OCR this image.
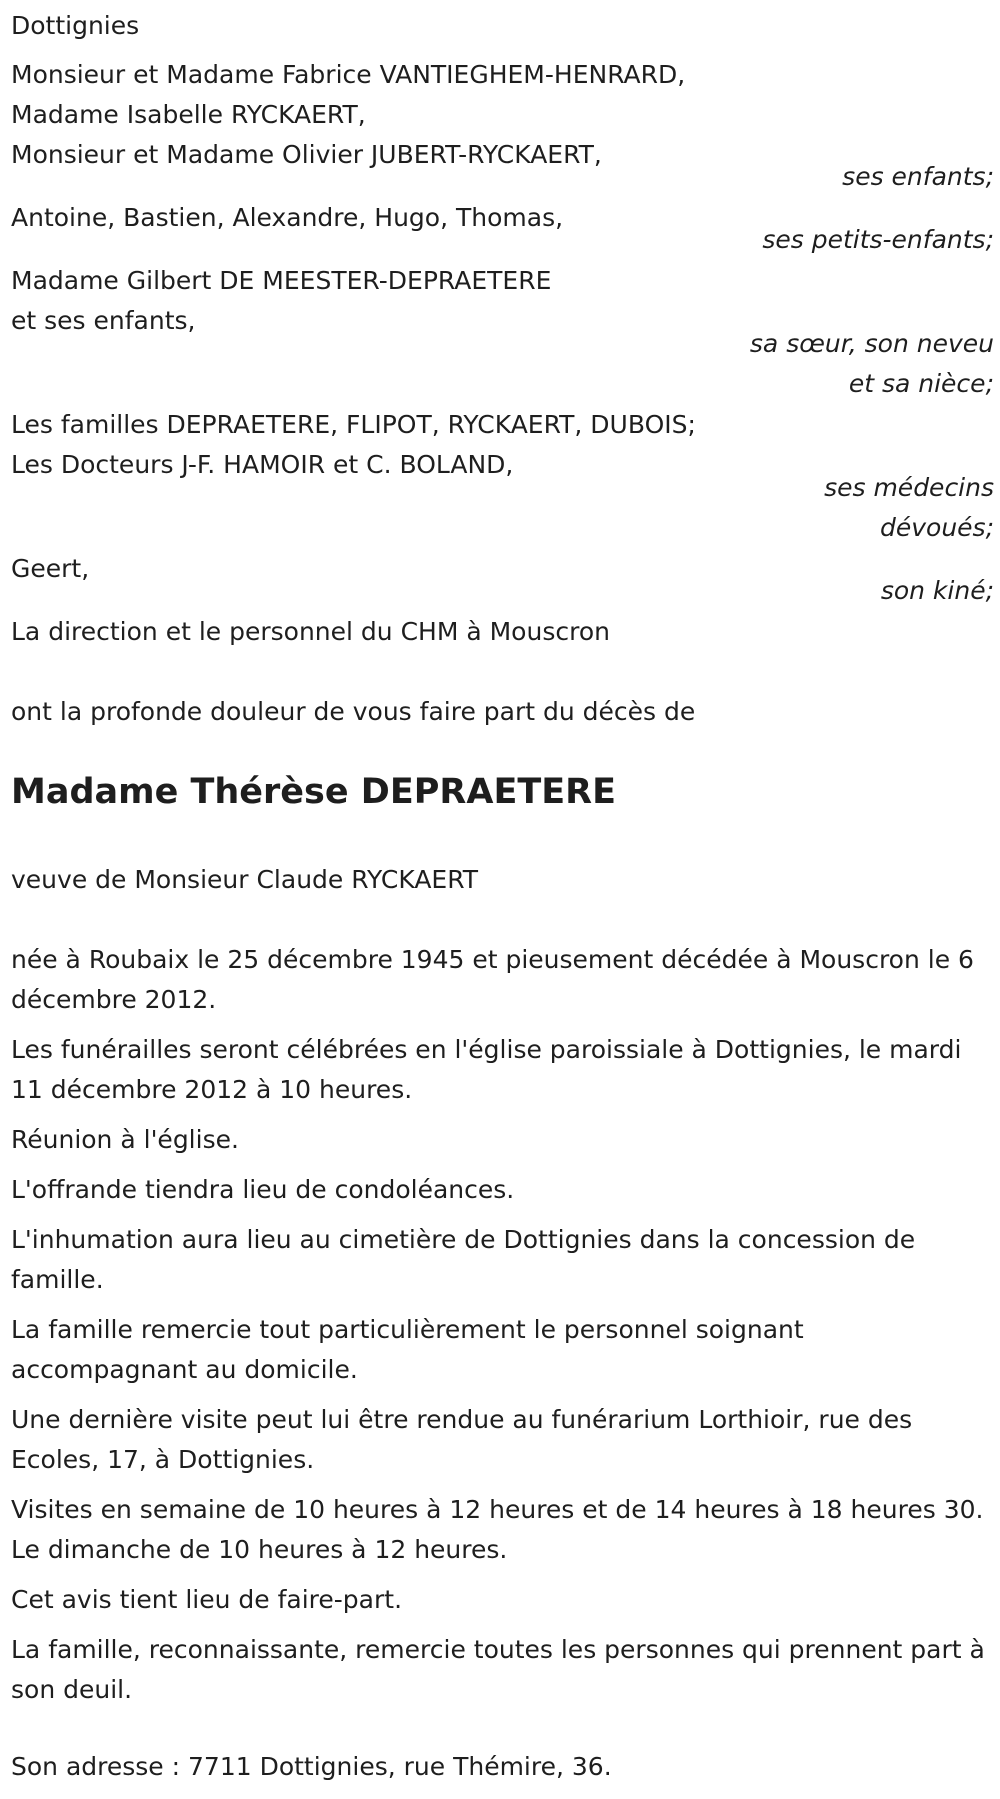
Dottignies
Monsieur et Madame Fabrice VANTIEGHEM-HENRARD,
Madame Isabelle RYCKAERT,
Monsieur et Madame Olivier JUBERT-RYCKAERT,
ses enfants;
Antoine, Bastien, Alexandre, Hugo, Thomas,
ses petits-enfants;
Madame Gilbert DE MEESTER-DEPRAETERE
et ses enfants,
sa sœur, son neveu
et sa nièce;
Les familles DEPRAETERE, FLIPOT, RYCKAERT, DUBOIS;
Les Docteurs J-F. HAMOIR et C. BOLAND,
ses médecins
dévoués;
Geert,
son kiné;
La direction et le personnel du CHM à Mouscron
ont la profonde douleur de vous faire part du décès de
Madame Thérèse DEPRAETERE
veuve de Monsieur Claude RYCKAERT
née à Roubaix le 25 décembre 1945 et pieusement décédée à Mouscron le 6 décembre 2012.
Les funérailles seront célébrées en l'église paroissiale à Dottignies, le mardi 11 décembre 2012 à 10 heures.
Réunion à l'église.
L'offrande tiendra lieu de condoléances.
L'inhumation aura lieu au cimetière de Dottignies dans la concession de famille.
La famille remercie tout particulièrement le personnel soignant accompagnant au domicile.
Une dernière visite peut lui être rendue au funérarium Lorthioir, rue des Ecoles, 17, à Dottignies.
Visites en semaine de 10 heures à 12 heures et de 14 heures à 18 heures 30. Le dimanche de 10 heures à 12 heures.
Cet avis tient lieu de faire-part.
La famille, reconnaissante, remercie toutes les personnes qui prennent part à son deuil.
Son adresse : 7711 Dottignies, rue Thémire, 36.
